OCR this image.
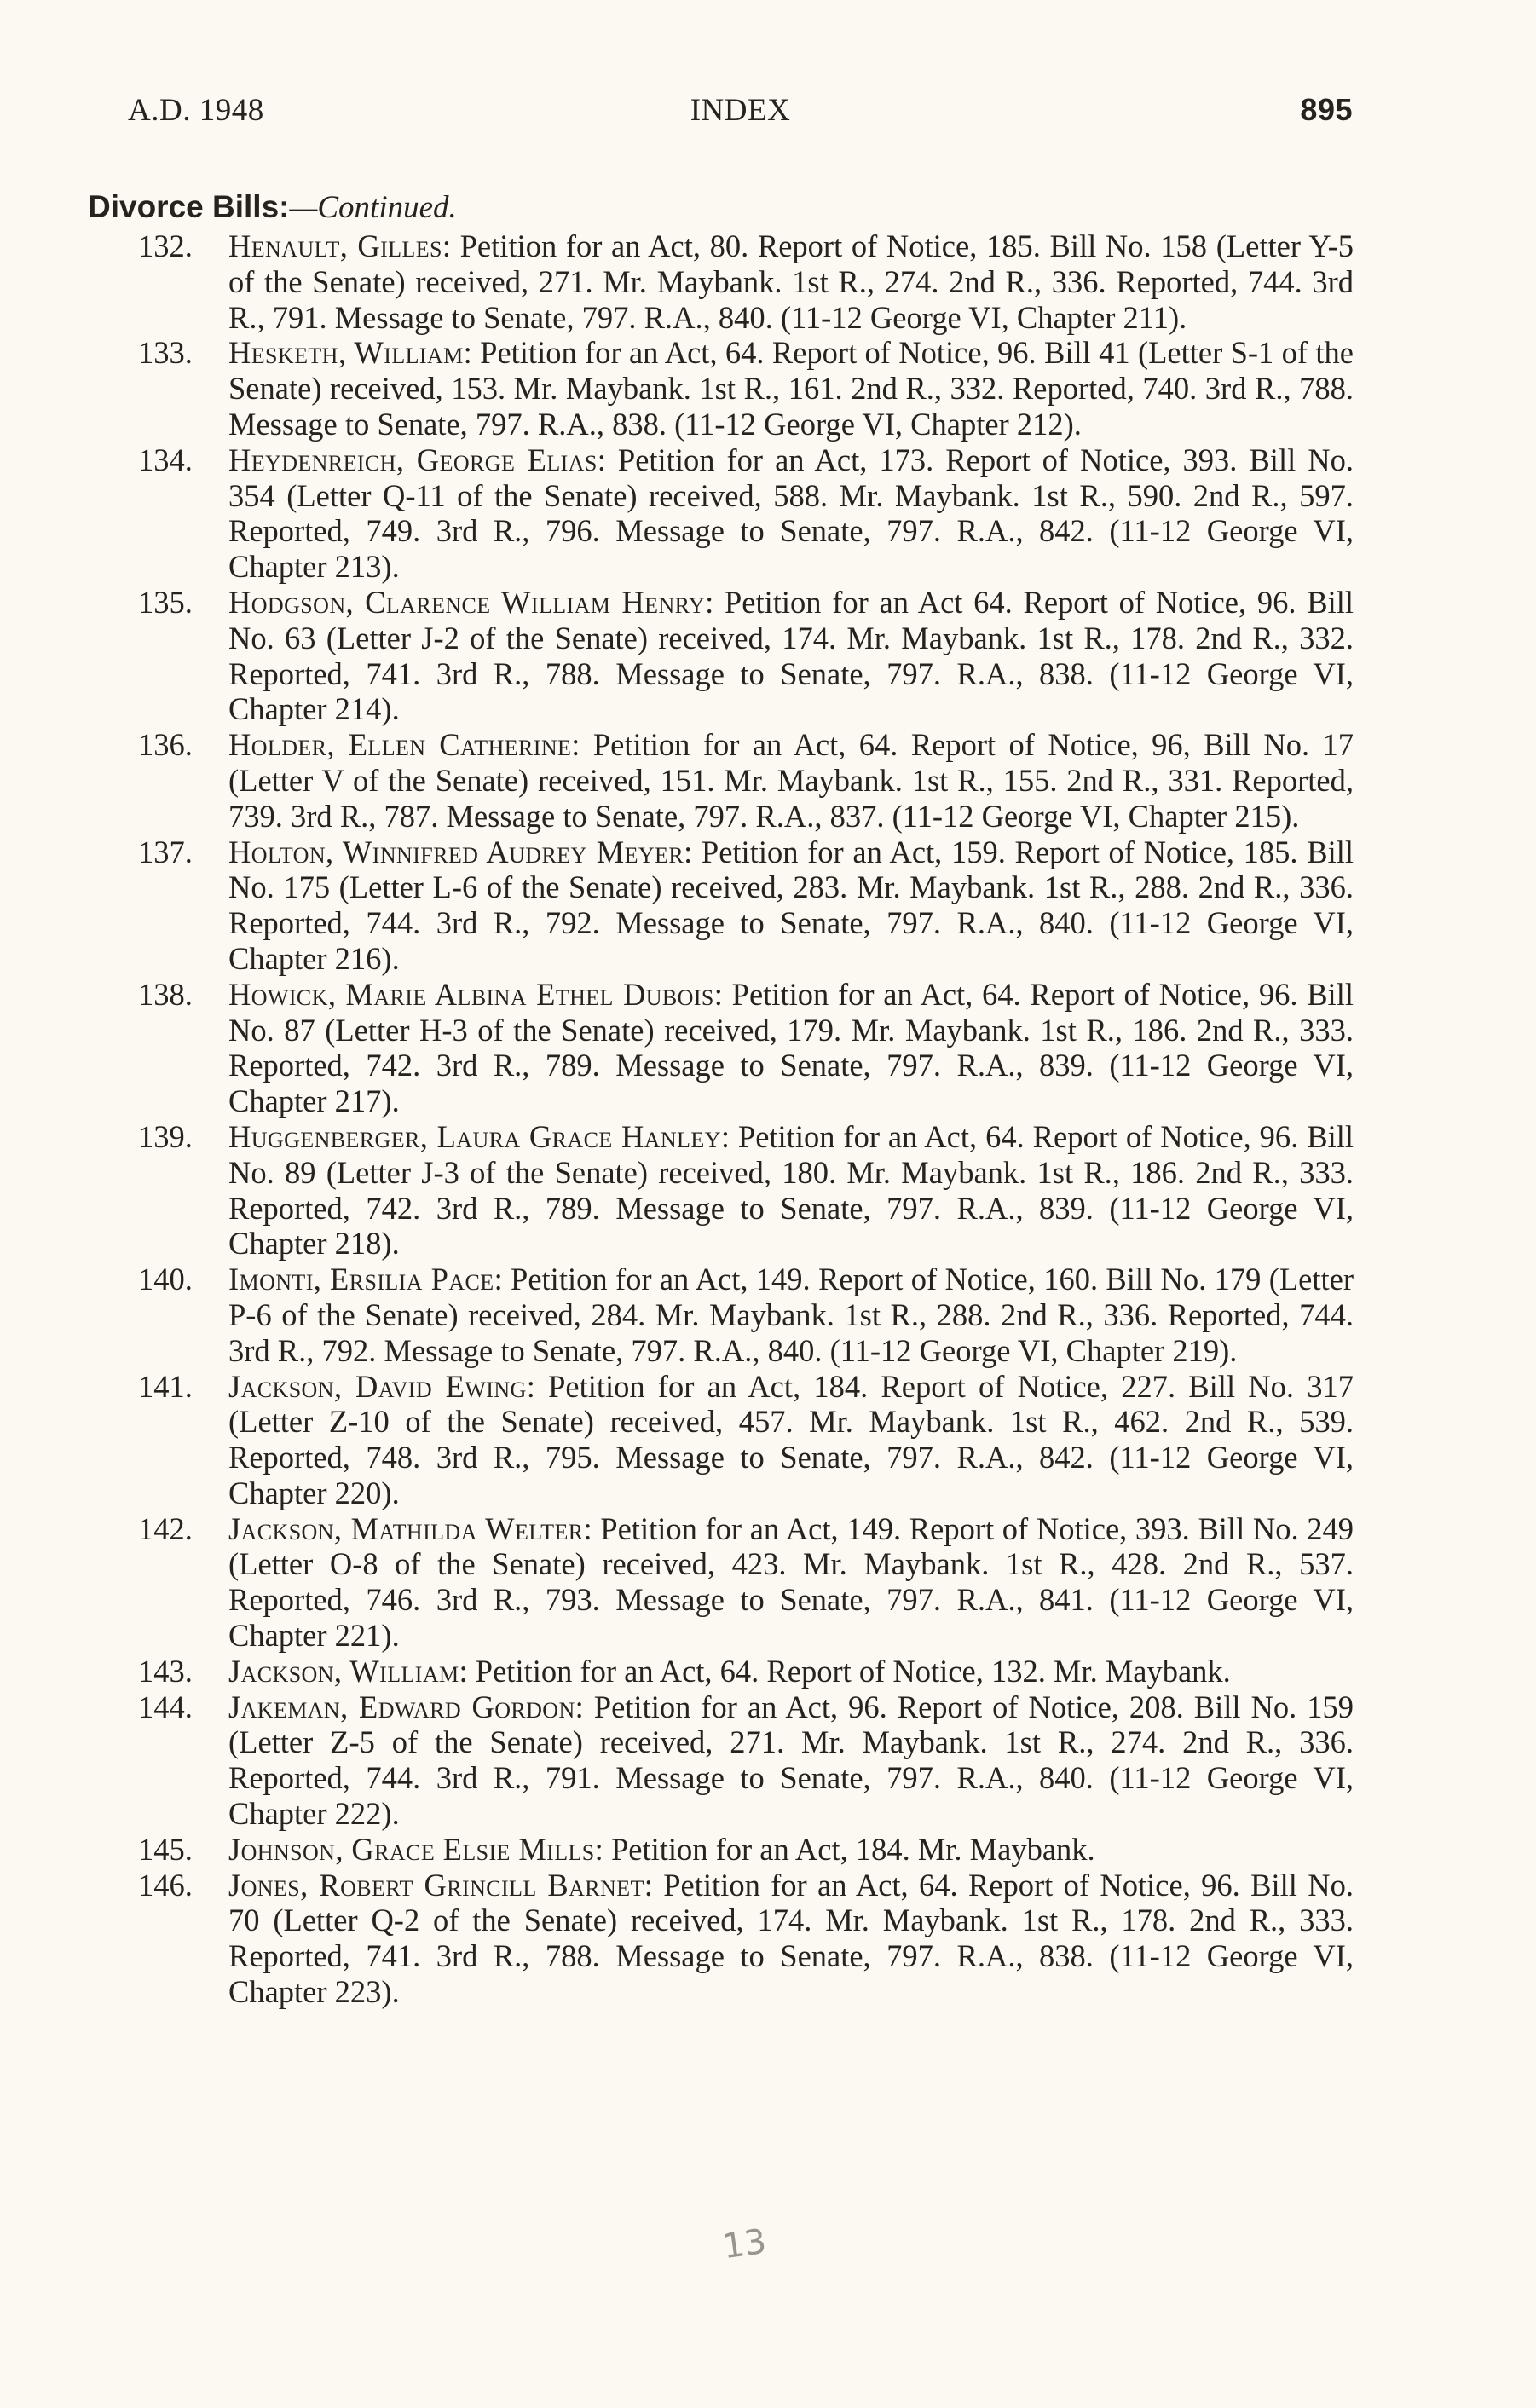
A.D. 1948	INDEX	895
Divorce Bills:—Continued.
132.	Henault, Gilles: Petition for an Act, 80. Report of Notice, 185. Bill No. 158 (Letter Y-5 of the Senate) received, 271. Mr. Maybank. 1st R., 274. 2nd R., 336. Reported, 744. 3rd R., 791. Message to Senate, 797. R.A., 840. (11-12 George VI, Chapter 211).
133.	Hesketh, William: Petition for an Act, 64. Report of Notice, 96. Bill 41 (Letter S-1 of the Senate) received, 153. Mr. Maybank. 1st R., 161. 2nd R., 332. Reported, 740. 3rd R., 788. Message to Senate, 797. R.A., 838. (11-12 George VI, Chapter 212).
134.	Heydenreich, George Elias: Petition for an Act, 173. Report of Notice, 393. Bill No. 354 (Letter Q-11 of the Senate) received, 588. Mr. Maybank. 1st R., 590. 2nd R., 597. Reported, 749. 3rd R., 796. Message to Senate, 797. R.A., 842. (11-12 George VI, Chapter 213).
135.	Hodgson, Clarence William Henry: Petition for an Act 64. Report of Notice, 96. Bill No. 63 (Letter J-2 of the Senate) received, 174. Mr. Maybank. 1st R., 178. 2nd R., 332. Reported, 741. 3rd R., 788. Message to Senate, 797. R.A., 838. (11-12 George VI, Chapter 214).
136.	Holder, Ellen Catherine: Petition for an Act, 64. Report of Notice, 96, Bill No. 17 (Letter V of the Senate) received, 151. Mr. Maybank. 1st R., 155. 2nd R., 331. Reported, 739. 3rd R., 787. Message to Senate, 797. R.A., 837. (11-12 George VI, Chapter 215).
137.	Holton, Winnifred Audrey Meyer: Petition for an Act, 159. Report of Notice, 185. Bill No. 175 (Letter L-6 of the Senate) received, 283. Mr. Maybank. 1st R., 288. 2nd R., 336. Reported, 744. 3rd R., 792. Message to Senate, 797. R.A., 840. (11-12 George VI, Chapter 216).
138.	Howick, Marie Albina Ethel Dubois: Petition for an Act, 64. Report of Notice, 96. Bill No. 87 (Letter H-3 of the Senate) received, 179. Mr. Maybank. 1st R., 186. 2nd R., 333. Reported, 742. 3rd R., 789. Message to Senate, 797. R.A., 839. (11-12 George VI, Chapter 217).
139.	Huggenberger, Laura Grace Hanley: Petition for an Act, 64. Report of Notice, 96. Bill No. 89 (Letter J-3 of the Senate) received, 180. Mr. Maybank. 1st R., 186. 2nd R., 333. Reported, 742. 3rd R., 789. Message to Senate, 797. R.A., 839. (11-12 George VI, Chapter 218).
140.	Imonti, Ersilia Pace: Petition for an Act, 149. Report of Notice, 160. Bill No. 179 (Letter P-6 of the Senate) received, 284. Mr. Maybank. 1st R., 288. 2nd R., 336. Reported, 744. 3rd R., 792. Message to Senate, 797. R.A., 840. (11-12 George VI, Chapter 219).
141.	Jackson, David Ewing: Petition for an Act, 184. Report of Notice, 227. Bill No. 317 (Letter Z-10 of the Senate) received, 457. Mr. Maybank. 1st R., 462. 2nd R., 539. Reported, 748. 3rd R., 795. Message to Senate, 797. R.A., 842. (11-12 George VI, Chapter 220).
142.	Jackson, Mathilda Welter: Petition for an Act, 149. Report of Notice, 393. Bill No. 249 (Letter O-8 of the Senate) received, 423. Mr. Maybank. 1st R., 428. 2nd R., 537. Reported, 746. 3rd R., 793. Message to Senate, 797. R.A., 841. (11-12 George VI, Chapter 221).
143.	Jackson, William: Petition for an Act, 64. Report of Notice, 132. Mr. Maybank.
144.	Jakeman, Edward Gordon: Petition for an Act, 96. Report of Notice, 208. Bill No. 159 (Letter Z-5 of the Senate) received, 271. Mr. Maybank. 1st R., 274. 2nd R., 336. Reported, 744. 3rd R., 791. Message to Senate, 797. R.A., 840. (11-12 George VI, Chapter 222).
145.	Johnson, Grace Elsie Mills: Petition for an Act, 184. Mr. Maybank.
146.	Jones, Robert Grincill Barnet: Petition for an Act, 64. Report of Notice, 96. Bill No. 70 (Letter Q-2 of the Senate) received, 174. Mr. Maybank. 1st R., 178. 2nd R., 333. Reported, 741. 3rd R., 788. Message to Senate, 797. R.A., 838. (11-12 George VI, Chapter 223).
13
